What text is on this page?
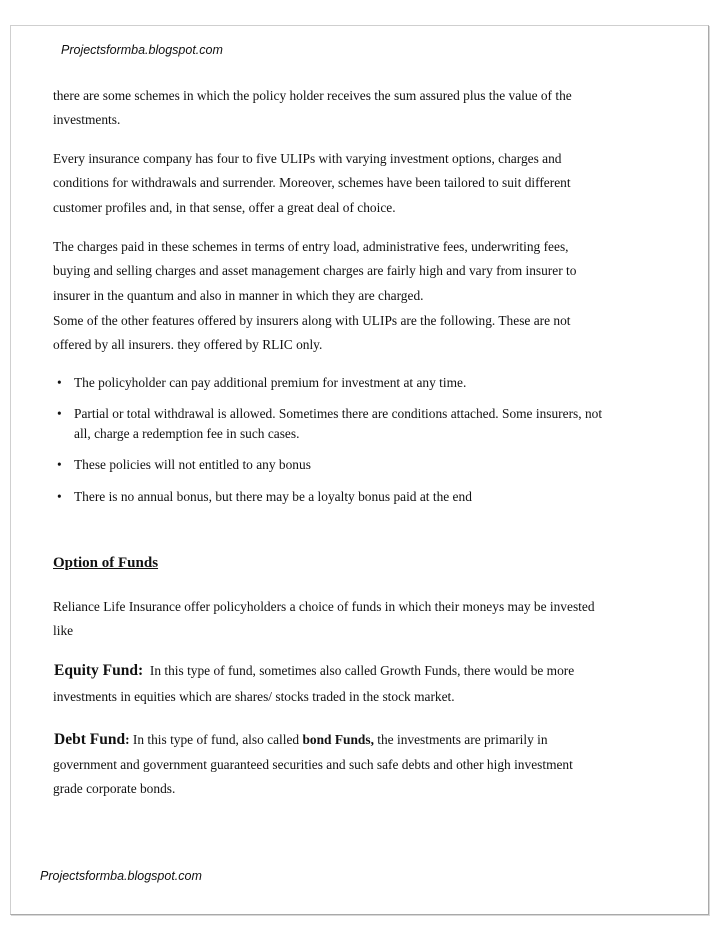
Projectsformba.blogspot.com
there are some schemes in which the policy holder receives the sum assured plus the value of the
investments.
Every insurance company has four to five ULIPs with varying investment options, charges and
conditions for withdrawals and surrender. Moreover, schemes have been tailored to suit different
customer profiles and, in that sense, offer a great deal of choice.
The charges paid in these schemes in terms of entry load, administrative fees, underwriting fees,
buying and selling charges and asset management charges are fairly high and vary from insurer to
insurer in the quantum and also in manner in which they are charged.
Some of the other features offered by insurers along with ULIPs are the following. These are not
offered by all insurers. they offered by RLIC only.
• The policyholder can pay additional premium for investment at any time.
• Partial or total withdrawal is allowed. Sometimes there are conditions attached. Some insurers, not
all, charge a redemption fee in such cases.
• These policies will not entitled to any bonus
• There is no annual bonus, but there may be a loyalty bonus paid at the end
Option of Funds
Reliance Life Insurance offer policyholders a choice of funds in which their moneys may be invested
like
Equity Fund:  In this type of fund, sometimes also called Growth Funds, there would be more
investments in equities which are shares/ stocks traded in the stock market.
Debt Fund: In this type of fund, also called bond Funds, the investments are primarily in
government and government guaranteed securities and such safe debts and other high investment
grade corporate bonds.
Projectsformba.blogspot.com
